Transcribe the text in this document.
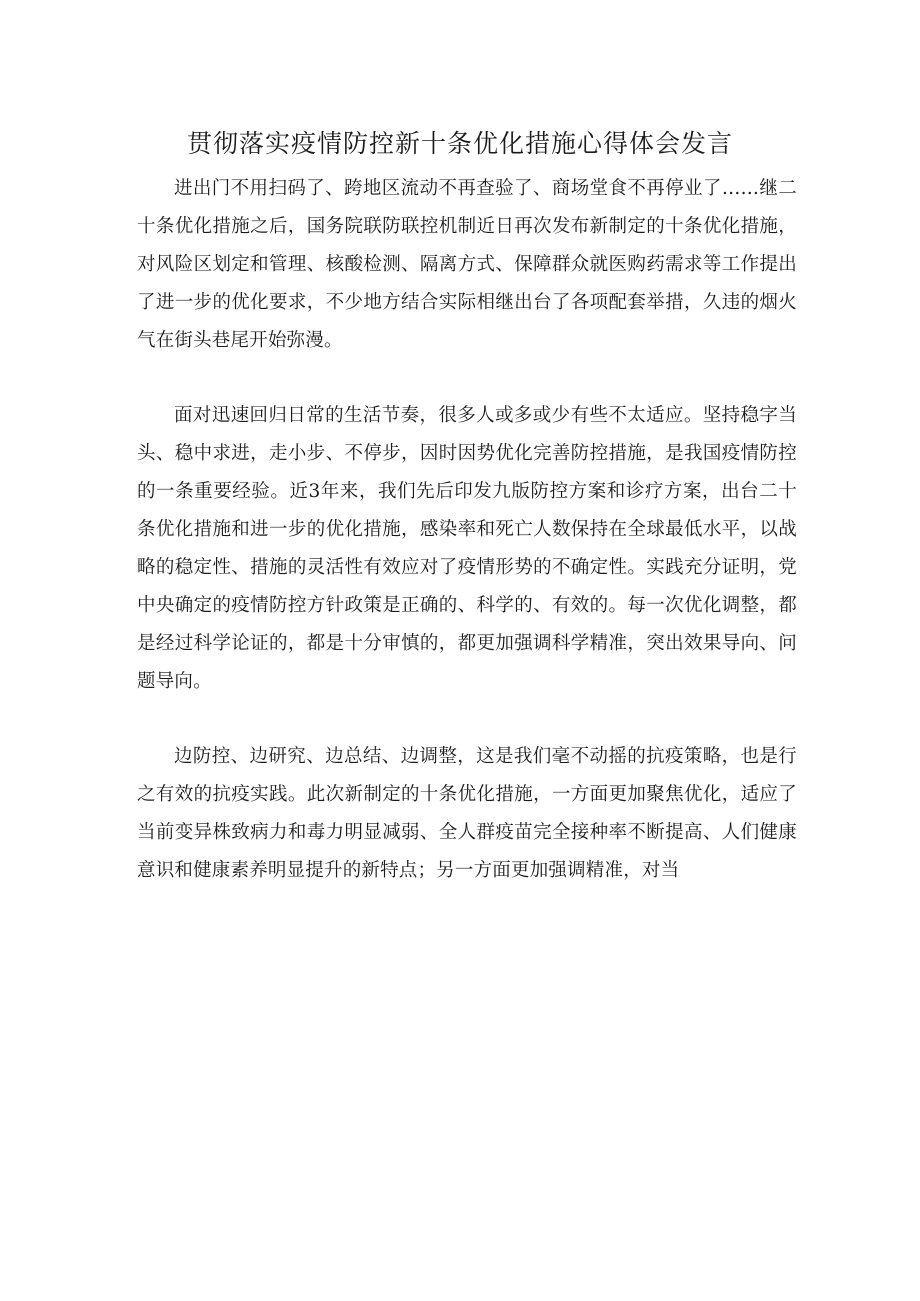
贯彻落实疫情防控新十条优化措施心得体会发言

进出门不用扫码了、跨地区流动不再查验了、商场堂食不再停业了……继二十条优化措施之后，国务院联防联控机制近日再次发布新制定的十条优化措施，对风险区划定和管理、核酸检测、隔离方式、保障群众就医购药需求等工作提出了进一步的优化要求，不少地方结合实际相继出台了各项配套举措，久违的烟火气在街头巷尾开始弥漫。

面对迅速回归日常的生活节奏，很多人或多或少有些不太适应。坚持稳字当头、稳中求进，走小步、不停步，因时因势优化完善防控措施，是我国疫情防控的一条重要经验。近3年来，我们先后印发九版防控方案和诊疗方案，出台二十条优化措施和进一步的优化措施，感染率和死亡人数保持在全球最低水平，以战略的稳定性、措施的灵活性有效应对了疫情形势的不确定性。实践充分证明，党中央确定的疫情防控方针政策是正确的、科学的、有效的。每一次优化调整，都是经过科学论证的，都是十分审慎的，都更加强调科学精准，突出效果导向、问题导向。

边防控、边研究、边总结、边调整，这是我们毫不动摇的抗疫策略，也是行之有效的抗疫实践。此次新制定的十条优化措施，一方面更加聚焦优化，适应了当前变异株致病力和毒力明显减弱、全人群疫苗完全接种率不断提高、人们健康意识和健康素养明显提升的新特点；另一方面更加强调精准，对当
